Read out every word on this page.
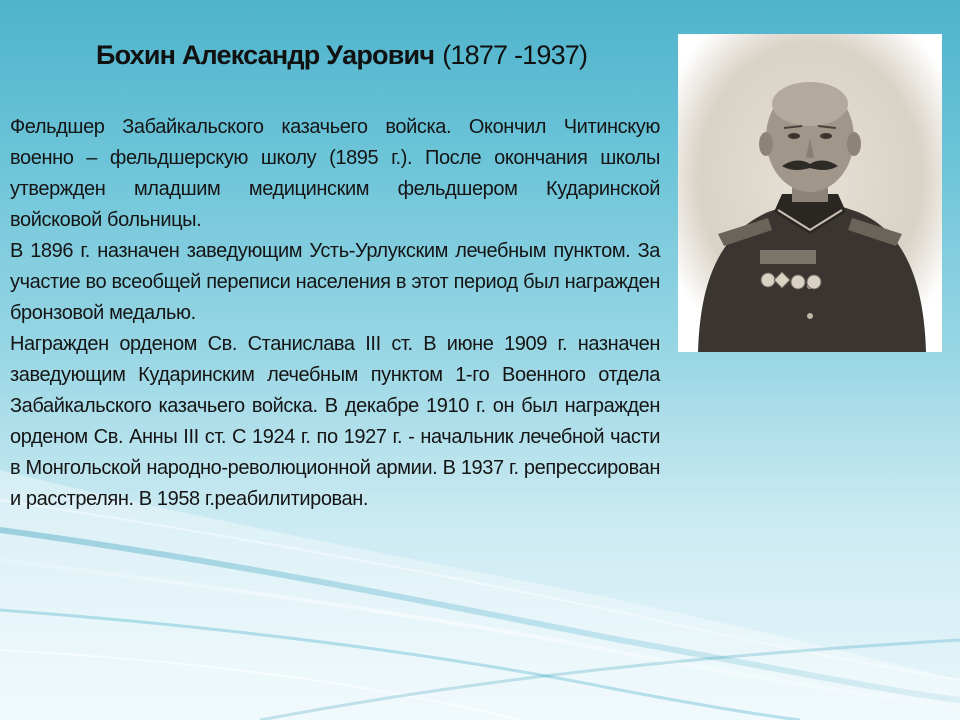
Бохин Александр Уарович (1877 -1937)

Фельдшер Забайкальского казачьего войска. Окончил Читинскую военно – фельдшерскую школу (1895 г.). После окончания школы утвержден младшим медицинским фельдшером Кударинской войсковой больницы.

В 1896 г. назначен заведующим Усть-Урлукским лечебным пунктом. За участие во всеобщей переписи населения в этот период был награжден бронзовой медалью.

Награжден орденом Св. Станислава III ст. В июне 1909 г. назначен заведующим Кударинским лечебным пунктом 1-го Военного отдела Забайкальского казачьего войска. В декабре 1910 г. он был награжден орденом Св. Анны III ст. С 1924 г. по 1927 г. - начальник лечебной части в Монгольской народно-революционной армии. В 1937 г. репрессирован и расстрелян. В 1958 г.реабилитирован.
